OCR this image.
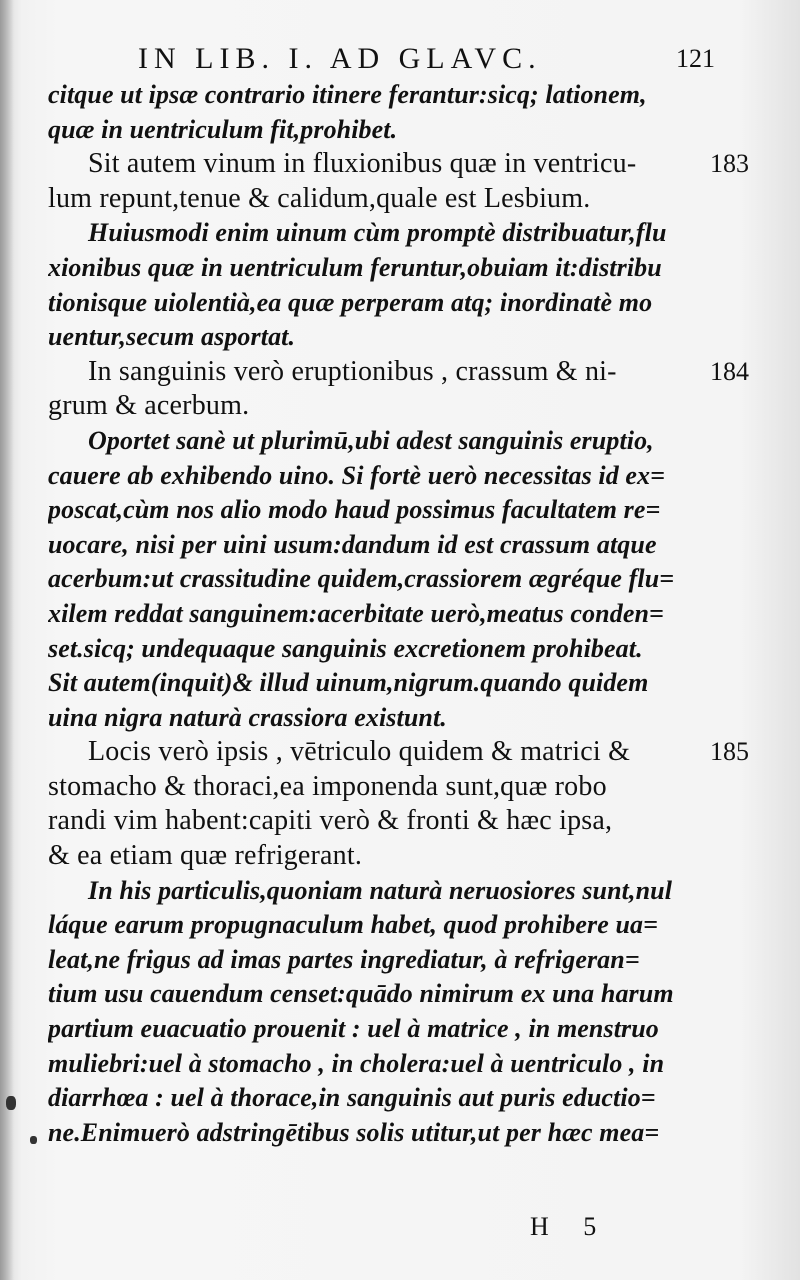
IN LIB. I. AD GLAVC.	121
citque ut ipsæ contrario itinere ferantur:sicq; lationem,
quæ in uentriculum fit,prohibet.
Sit autem vinum in fluxionibus quæ in ventricu-
lum repunt,tenue & calidum,quale est Lesbium.
Huiusmodi enim uinum cùm promptè distribuatur,flu
xionibus quæ in uentriculum feruntur,obuiam it:distribu
tionisque uiolentià,ea quæ perperam atq; inordinatè mo
uentur,secum asportat.
In sanguinis verò eruptionibus , crassum & ni-
grum & acerbum.
Oportet sanè ut plurimū,ubi adest sanguinis eruptio,
cauere ab exhibendo uino. Si fortè uerò necessitas id ex=
poscat,cùm nos alio modo haud possimus facultatem re=
uocare, nisi per uini usum:dandum id est crassum atque
acerbum:ut crassitudine quidem,crassiorem ægréque flu=
xilem reddat sanguinem:acerbitate uerò,meatus conden=
set.sicq; undequaque sanguinis excretionem prohibeat.
Sit autem(inquit)& illud uinum,nigrum.quando quidem
uina nigra naturà crassiora existunt.
Locis verò ipsis , vētriculo quidem & matrici &
stomacho & thoraci,ea imponenda sunt,quæ robo
randi vim habent:capiti verò & fronti & hæc ipsa,
& ea etiam quæ refrigerant.
In his particulis,quoniam naturà neruosiores sunt,nul
láque earum propugnaculum habet, quod prohibere ua=
leat,ne frigus ad imas partes ingrediatur, à refrigeran=
tium usu cauendum censet:quādo nimirum ex una harum
partium euacuatio prouenit : uel à matrice , in menstruo
muliebri:uel à stomacho , in cholera:uel à uentriculo , in
diarrhœa : uel à thorace,in sanguinis aut puris eductio=
ne.Enimuerò adstringētibus solis utitur,ut per hæc mea=
183
184
185
H 5
